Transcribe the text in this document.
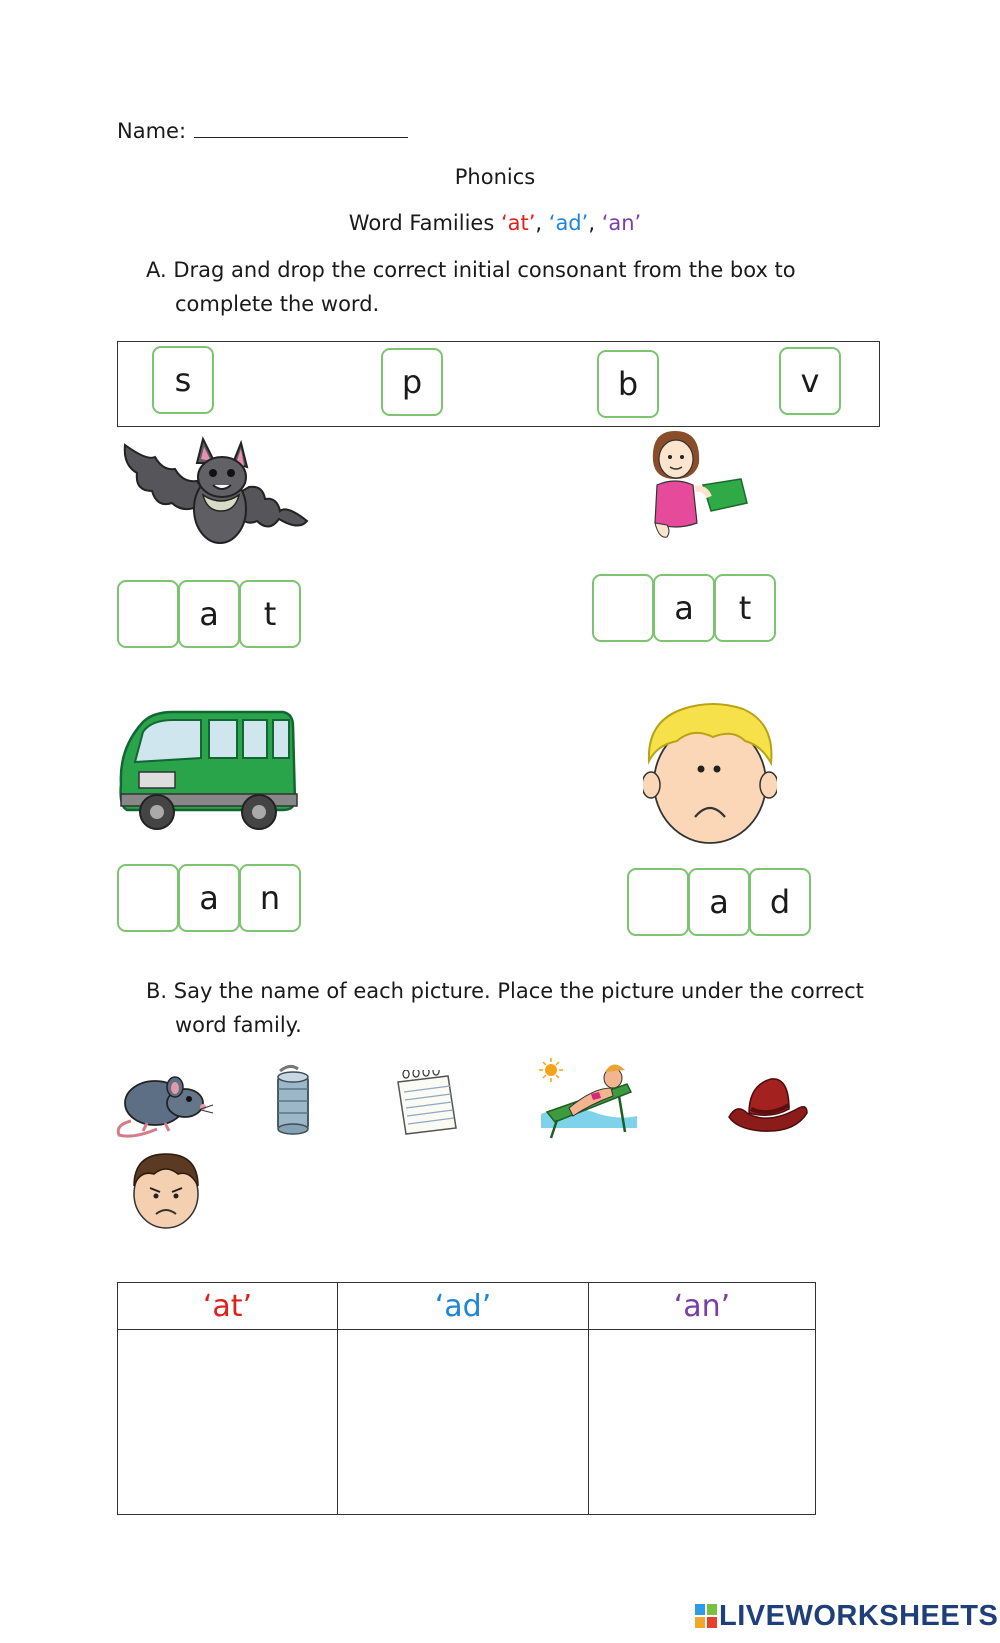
Name:
Phonics
Word Families ‘at’, ‘ad’, ‘an’
A. Drag and drop the correct initial consonant from the box to
complete the word.
s	p	b	v
a	t	a	t
a	n	a	d
B. Say the name of each picture. Place the picture under the correct
word family.
‘at’	‘ad’	‘an’

LIVEWORKSHEETS
